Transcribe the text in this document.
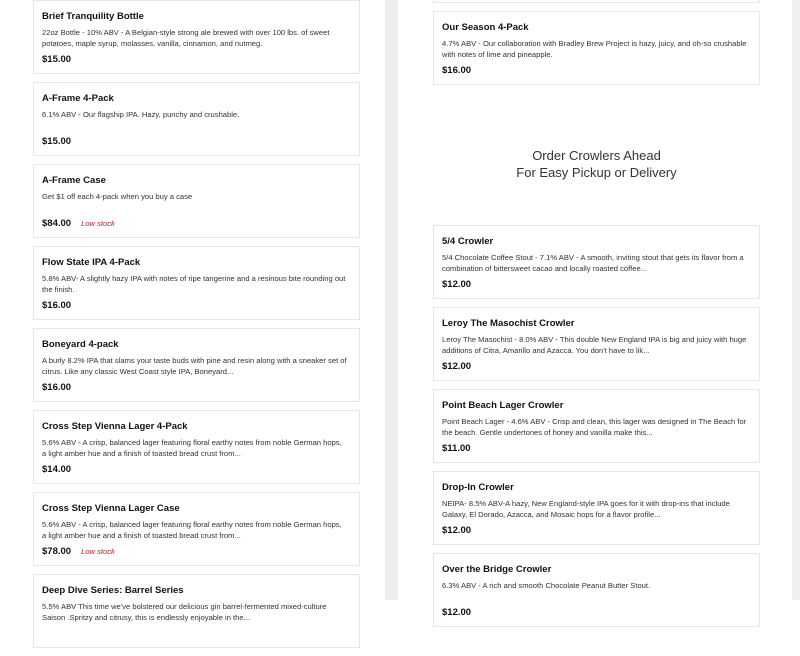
Brief Tranquility Bottle

22oz Bottle - 10% ABV - A Belgian-style strong ale brewed with over 100 lbs. of sweet potatoes, maple syrup, molasses, vanilla, cinnamon, and nutmeg.

$15.00
A-Frame 4-Pack

6.1% ABV - Our flagship IPA. Hazy, punchy and crushable.

$15.00
A-Frame Case

Get $1 off each 4-pack when you buy a case

$84.00 Low stock
Flow State IPA 4-Pack

5.8% ABV- A slightly hazy IPA with notes of ripe tangerine and a resinous bite rounding out the finish.

$16.00
Boneyard 4-pack

A burly 8.2% IPA that slams your taste buds with pine and resin along with a sneaker set of citrus. Like any classic West Coast style IPA, Boneyard...

$16.00
Cross Step Vienna Lager 4-Pack

5.6% ABV - A crisp, balanced lager featuring floral earthy notes from noble German hops, a light amber hue and a finish of toasted bread crust from...

$14.00
Cross Step Vienna Lager Case

5.6% ABV - A crisp, balanced lager featuring floral earthy notes from noble German hops, a light amber hue and a finish of toasted bread crust from...

$78.00 Low stock
Deep Dive Series: Barrel Series

5.5% ABV This time we've bolstered our delicious gin barrel-fermented mixed-culture Saison .Spritzy and citrusy, this is endlessly enjoyable in the...

Our Season 4-Pack

4.7% ABV - Our collaboration with Bradley Brew Project is hazy, juicy, and oh-so crushable with notes of lime and pineapple.

$16.00
Order Crowlers Ahead
For Easy Pickup or Delivery
5/4 Crowler

5/4 Chocolate Coffee Stout - 7.1% ABV - A smooth, inviting stout that gets its flavor from a combination of bittersweet cacao and locally roasted coffee...

$12.00
Leroy The Masochist Crowler

Leroy The Masochist - 8.0% ABV - This double New England IPA is big and juicy with huge additions of Citra, Amarillo and Azacca. You don't have to lik...

$12.00
Point Beach Lager Crowler

Point Beach Lager - 4.6% ABV - Crisp and clean, this lager was designed in The Beach for the beach. Gentle undertones of honey and vanilla make this...

$11.00
Drop-In Crowler

NEIPA- 8.5% ABV-A hazy, New England-style IPA goes for it with drop-ins that include Galaxy, El Dorado, Azacca, and Mosaic hops for a flavor profile...

$12.00
Over the Bridge Crowler

6.3% ABV - A rich and smooth Chocolate Peanut Butter Stout.

$12.00
